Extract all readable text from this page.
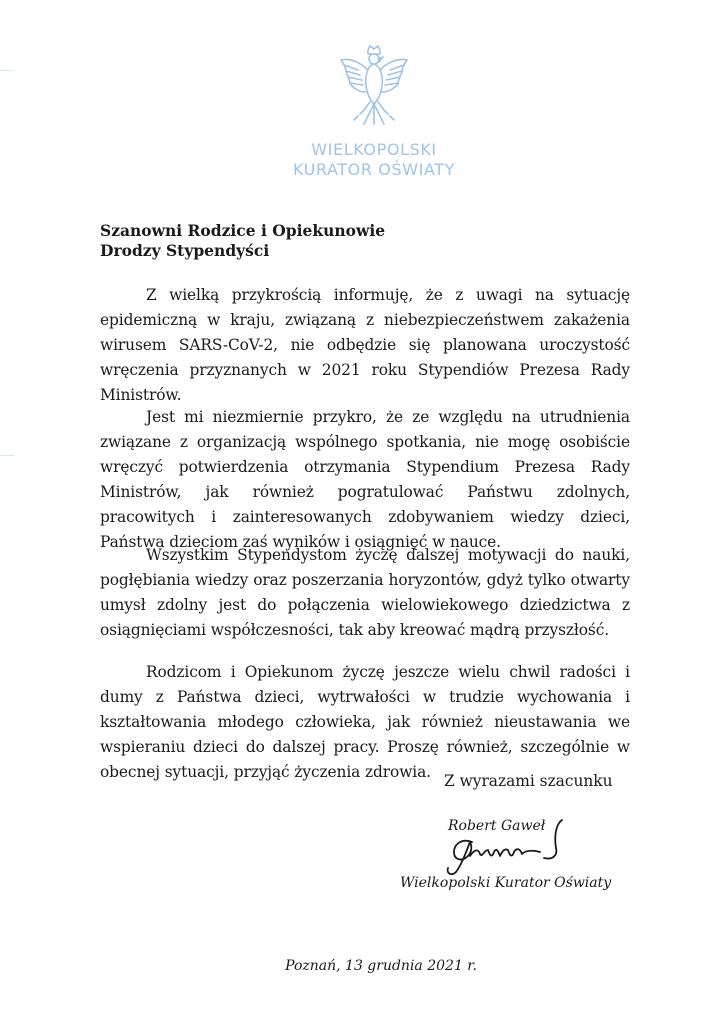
WIELKOPOLSKI
KURATOR OŚWIATY
Szanowni Rodzice i Opiekunowie
Drodzy Stypendyści

Z wielką przykrością informuję, że z uwagi na sytuację epidemiczną w kraju, związaną z niebezpieczeństwem zakażenia wirusem SARS-CoV-2, nie odbędzie się planowana uroczystość wręczenia przyznanych w 2021 roku Stypendiów Prezesa Rady Ministrów.

Jest mi niezmiernie przykro, że ze względu na utrudnienia związane z organizacją wspólnego spotkania, nie mogę osobiście wręczyć potwierdzenia otrzymania Stypendium Prezesa Rady Ministrów, jak również pogratulować Państwu zdolnych, pracowitych i zainteresowanych zdobywaniem wiedzy dzieci, Państwa dzieciom zaś wyników i osiągnięć w nauce.

Wszystkim Stypendystom życzę dalszej motywacji do nauki, pogłębiania wiedzy oraz poszerzania horyzontów, gdyż tylko otwarty umysł zdolny jest do połączenia wielowiekowego dziedzictwa z osiągnięciami współczesności, tak aby kreować mądrą przyszłość.

Rodzicom i Opiekunom życzę jeszcze wielu chwil radości i dumy z Państwa dzieci, wytrwałości w trudzie wychowania i kształtowania młodego człowieka, jak również nieustawania we wspieraniu dzieci do dalszej pracy. Proszę również, szczególnie w obecnej sytuacji, przyjąć życzenia zdrowia. Z wyrazami szacunku
Robert Gaweł
Wielkopolski Kurator Oświaty
Poznań, 13 grudnia 2021 r.
